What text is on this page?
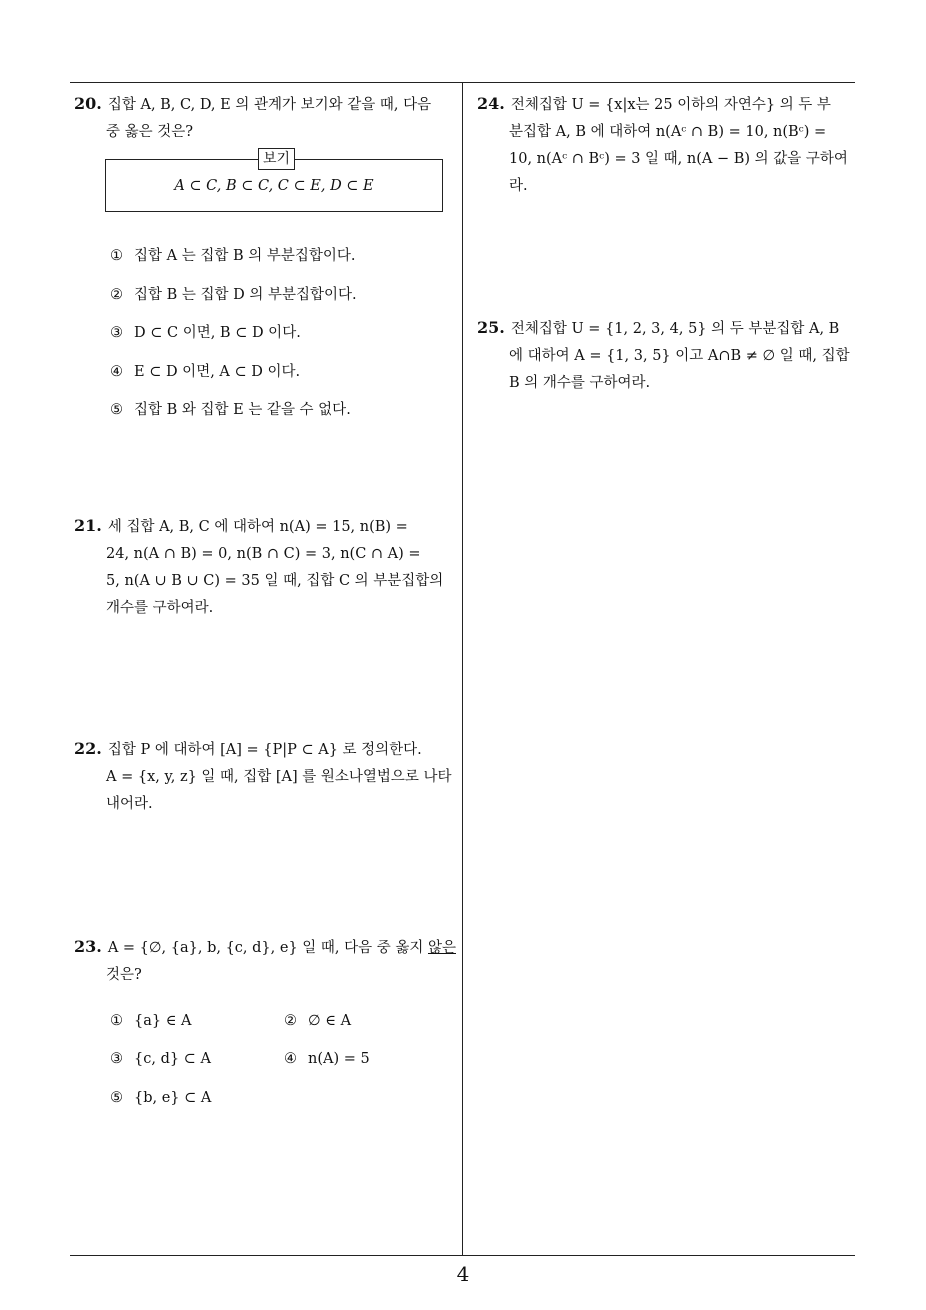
20. 집합 A, B, C, D, E 의 관계가 보기와 같을 때, 다음
중 옳은 것은?
보기
A ⊂ C, B ⊂ C, C ⊂ E, D ⊂ E
① 집합 A 는 집합 B 의 부분집합이다.
② 집합 B 는 집합 D 의 부분집합이다.
③ D ⊂ C 이면, B ⊂ D 이다.
④ E ⊂ D 이면, A ⊂ D 이다.
⑤ 집합 B 와 집합 E 는 같을 수 없다.
21. 세 집합 A, B, C 에 대하여 n(A) = 15, n(B) =
24, n(A ∩ B) = 0, n(B ∩ C) = 3, n(C ∩ A) =
5, n(A ∪ B ∪ C) = 35 일 때, 집합 C 의 부분집합의
개수를 구하여라.
22. 집합 P 에 대하여 [A] = {P|P ⊂ A} 로 정의한다.
A = {x, y, z} 일 때, 집합 [A] 를 원소나열법으로 나타
내어라.
23. A = {∅, {a}, b, {c, d}, e} 일 때, 다음 중 옳지 않은
것은?
① {a} ∈ A	② ∅ ∈ A
③ {c, d} ⊂ A	④ n(A) = 5
⑤ {b, e} ⊂ A
24. 전체집합 U = {x|x는 25 이하의 자연수} 의 두 부
분집합 A, B 에 대하여 n(Aᶜ ∩ B) = 10, n(Bᶜ) =
10, n(Aᶜ ∩ Bᶜ) = 3 일 때, n(A − B) 의 값을 구하여
라.
25. 전체집합 U = {1, 2, 3, 4, 5} 의 두 부분집합 A, B
에 대하여 A = {1, 3, 5} 이고 A∩B ≠ ∅ 일 때, 집합
B 의 개수를 구하여라.
4
